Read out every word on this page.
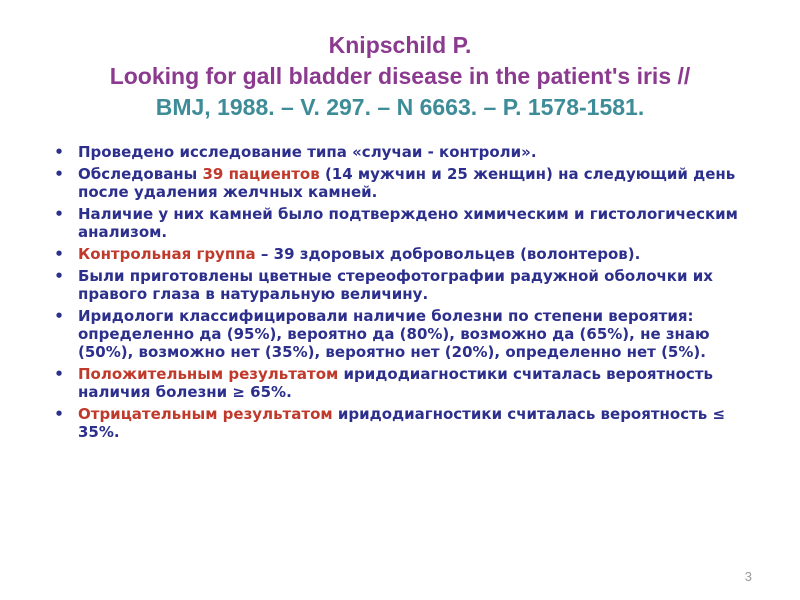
Knipschild P.
Looking for gall bladder disease in the patient's iris //
BMJ, 1988. – V. 297. – N 6663. – P. 1578-1581.
• Проведено исследование типа «случаи - контроли».
• Обследованы 39 пациентов (14 мужчин и 25 женщин) на следующий день после удаления желчных камней.
• Наличие у них камней было подтверждено химическим и гистологическим анализом.
• Контрольная группа – 39 здоровых добровольцев (волонтеров).
• Были приготовлены цветные стереофотографии радужной оболочки их правого глаза в натуральную величину.
• Иридологи классифицировали наличие болезни по степени вероятия: определенно да (95%), вероятно да (80%), возможно да (65%), не знаю (50%), возможно нет (35%), вероятно нет (20%), определенно нет (5%).
• Положительным результатом иридодиагностики считалась вероятность наличия болезни ≥ 65%.
• Отрицательным результатом иридодиагностики считалась вероятность ≤ 35%.
3
